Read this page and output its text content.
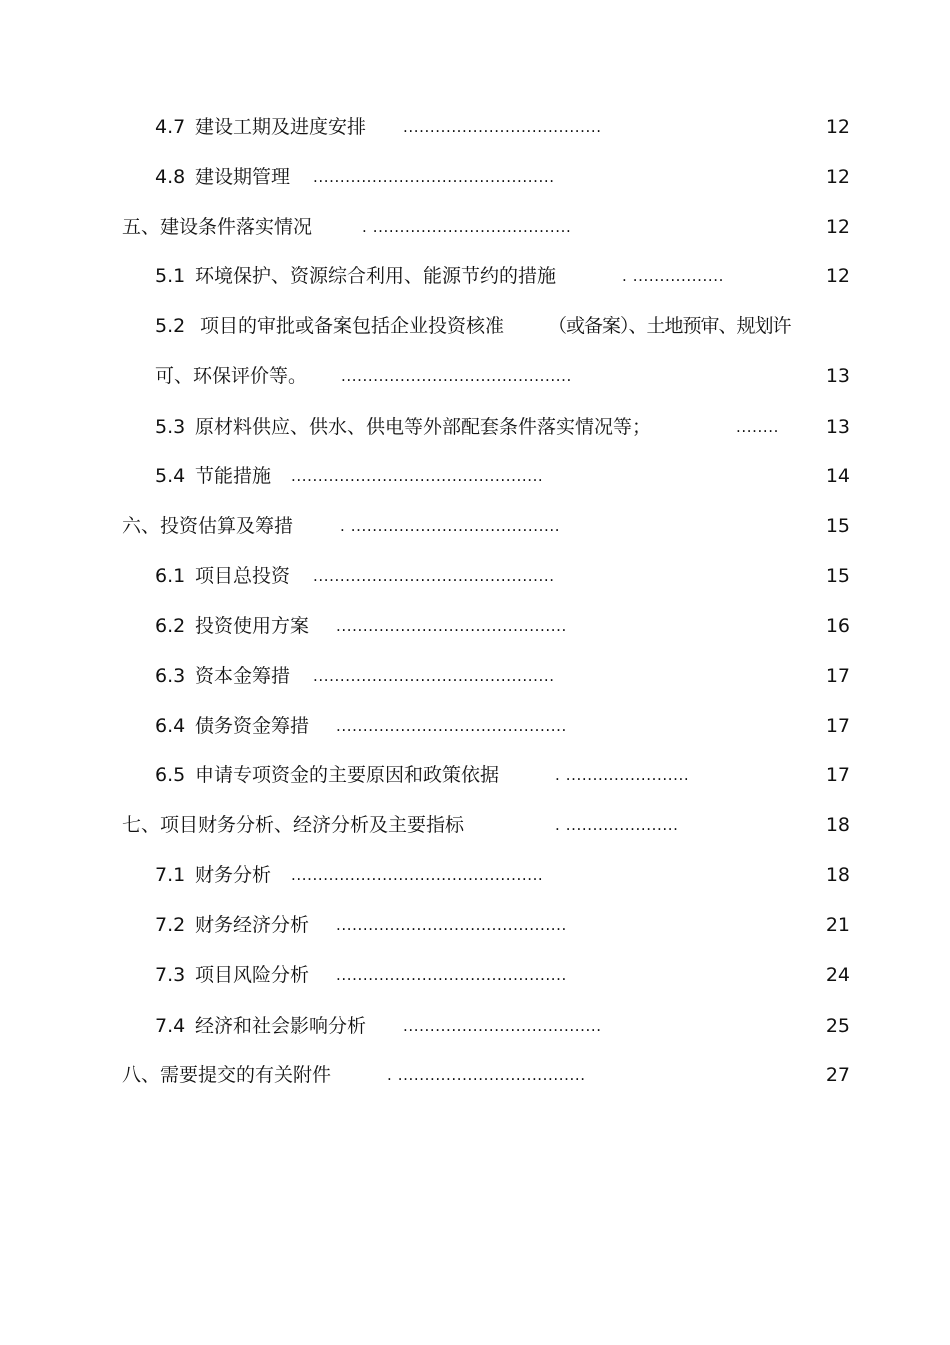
4.7 建设工期及进度安排 .....................................	12
4.8 建设期管理 .............................................	12
五、建设条件落实情况	. .....................................	12
5.1 环境保护、资源综合利用、能源节约的措施	. .................	12
5.2 项目的审批或备案包括企业投资核准 （或备案）、土地预审、规划许
可、环保评价等。 ...........................................	13
5.3 原材料供应、供水、供电等外部配套条件落实情况等；	........ 13
5.4 节能措施 ...............................................	14
六、投资估算及筹措	. .......................................	15
6.1 项目总投资 .............................................	15
6.2 投资使用方案 ...........................................	16
6.3 资本金筹措 .............................................	17
6.4 债务资金筹措 ...........................................	17
6.5 申请专项资金的主要原因和政策依据	. .......................	17
七、项目财务分析、经济分析及主要指标	. .....................	18
7.1 财务分析 ...............................................	18
7.2 财务经济分析 ...........................................	21
7.3 项目风险分析 ...........................................	24
7.4 经济和社会影响分析 .....................................	25
八、需要提交的有关附件	. ...................................	27
